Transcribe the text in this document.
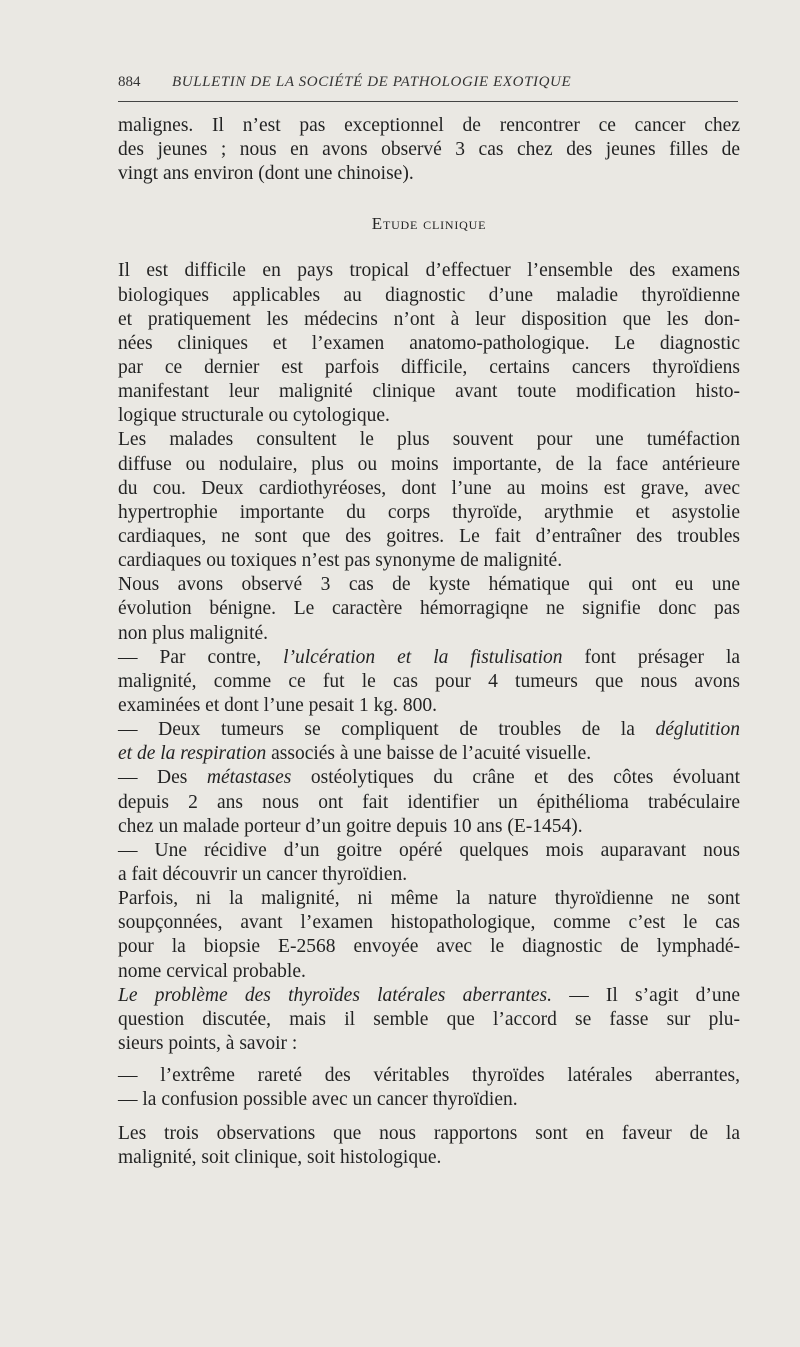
884 BULLETIN DE LA SOCIÉTÉ DE PATHOLOGIE EXOTIQUE
malignes. Il n’est pas exceptionnel de rencontrer ce cancer chez
des jeunes ; nous en avons observé 3 cas chez des jeunes filles de
vingt ans environ (dont une chinoise).
Etude clinique
Il est difficile en pays tropical d’effectuer l’ensemble des examens
biologiques applicables au diagnostic d’une maladie thyroïdienne
et pratiquement les médecins n’ont à leur disposition que les don-
nées cliniques et l’examen anatomo-pathologique. Le diagnostic
par ce dernier est parfois difficile, certains cancers thyroïdiens
manifestant leur malignité clinique avant toute modification histo-
logique structurale ou cytologique.
Les malades consultent le plus souvent pour une tuméfaction
diffuse ou nodulaire, plus ou moins importante, de la face antérieure
du cou. Deux cardiothyréoses, dont l’une au moins est grave, avec
hypertrophie importante du corps thyroïde, arythmie et asystolie
cardiaques, ne sont que des goitres. Le fait d’entraîner des troubles
cardiaques ou toxiques n’est pas synonyme de malignité.
Nous avons observé 3 cas de kyste hématique qui ont eu une
évolution bénigne. Le caractère hémorragiqne ne signifie donc pas
non plus malignité.
— Par contre, l’ulcération et la fistulisation font présager la
malignité, comme ce fut le cas pour 4 tumeurs que nous avons
examinées et dont l’une pesait 1 kg. 800.
— Deux tumeurs se compliquent de troubles de la déglutition
et de la respiration associés à une baisse de l’acuité visuelle.
— Des métastases ostéolytiques du crâne et des côtes évoluant
depuis 2 ans nous ont fait identifier un épithélioma trabéculaire
chez un malade porteur d’un goitre depuis 10 ans (E-1454).
— Une récidive d’un goitre opéré quelques mois auparavant nous
a fait découvrir un cancer thyroïdien.
Parfois, ni la malignité, ni même la nature thyroïdienne ne sont
soupçonnées, avant l’examen histopathologique, comme c’est le cas
pour la biopsie E-2568 envoyée avec le diagnostic de lymphadé-
nome cervical probable.
Le problème des thyroïdes latérales aberrantes. — Il s’agit d’une
question discutée, mais il semble que l’accord se fasse sur plu-
sieurs points, à savoir :
— l’extrême rareté des véritables thyroïdes latérales aberrantes,
— la confusion possible avec un cancer thyroïdien.
Les trois observations que nous rapportons sont en faveur de la
malignité, soit clinique, soit histologique.
